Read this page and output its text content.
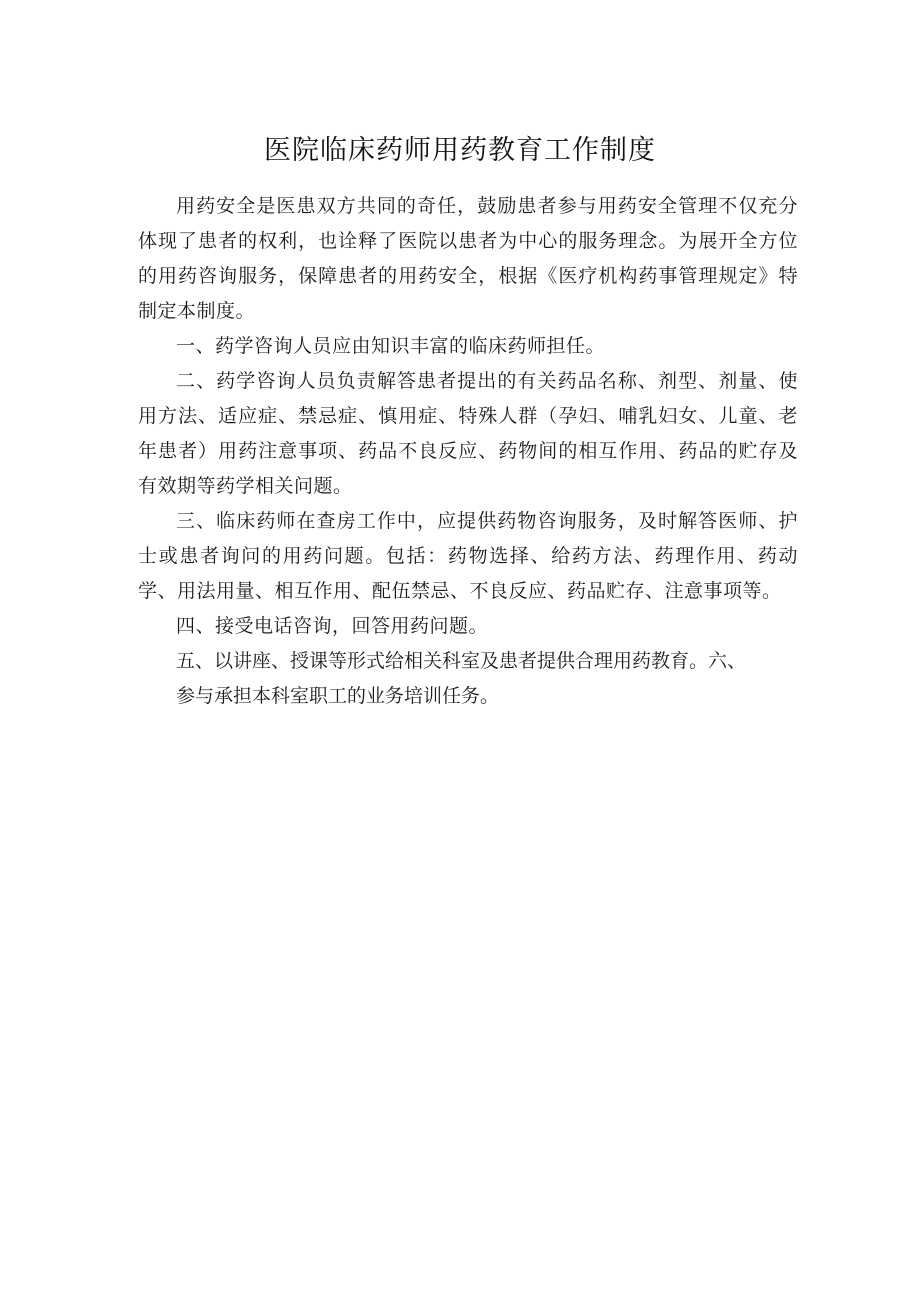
医院临床药师用药教育工作制度

用药安全是医患双方共同的奇任，鼓励患者参与用药安全管理不仅充分体现了患者的权利，也诠释了医院以患者为中心的服务理念。为展开全方位的用药咨询服务，保障患者的用药安全，根据《医疗机构药事管理规定》特制定本制度。

一、药学咨询人员应由知识丰富的临床药师担任。

二、药学咨询人员负责解答患者提出的有关药品名称、剂型、剂量、使用方法、适应症、禁忌症、慎用症、特殊人群（孕妇、哺乳妇女、儿童、老年患者）用药注意事项、药品不良反应、药物间的相互作用、药品的贮存及有效期等药学相关问题。

三、临床药师在查房工作中，应提供药物咨询服务，及时解答医师、护士或患者询问的用药问题。包括：药物选择、给药方法、药理作用、药动学、用法用量、相互作用、配伍禁忌、不良反应、药品贮存、注意事项等。

四、接受电话咨询，回答用药问题。

五、以讲座、授课等形式给相关科室及患者提供合理用药教育。六、
参与承担本科室职工的业务培训任务。
